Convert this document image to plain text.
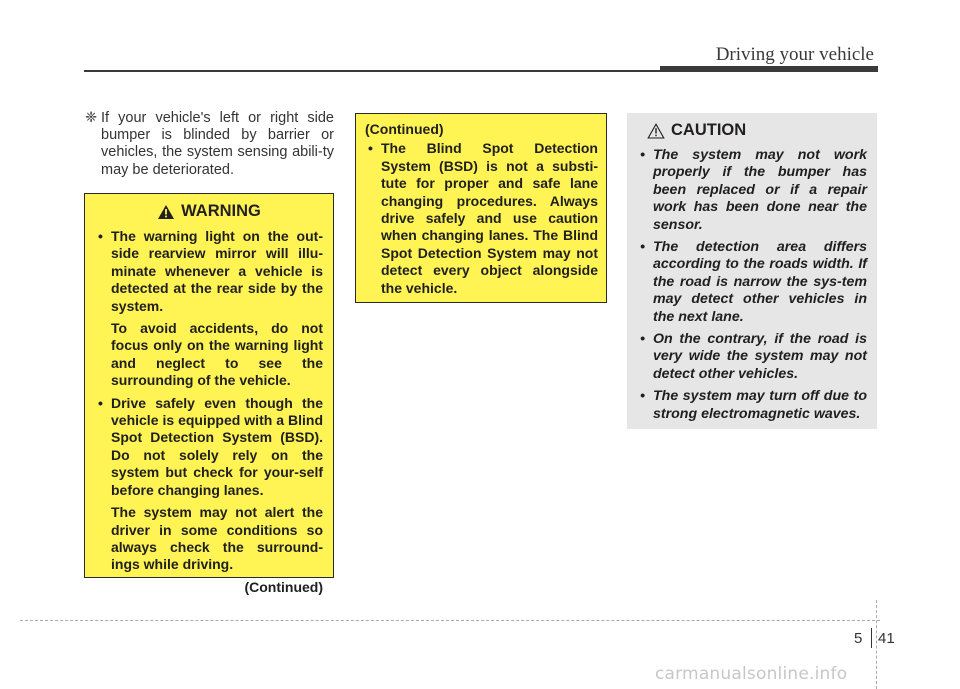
Driving your vehicle
❈ If your vehicle's left or right side bumper is blinded by barrier or vehicles, the system sensing abili-ty may be deteriorated.
WARNING
• The warning light on the out-side rearview mirror will illu-minate whenever a vehicle is detected at the rear side by the system.
To avoid accidents, do not focus only on the warning light and neglect to see the surrounding of the vehicle.
• Drive safely even though the vehicle is equipped with a Blind Spot Detection System (BSD). Do not solely rely on the system but check for your-self before changing lanes.
The system may not alert the driver in some conditions so always check the surround-ings while driving.
(Continued)
(Continued)
• The Blind Spot Detection System (BSD) is not a substi-tute for proper and safe lane changing procedures. Always drive safely and use caution when changing lanes. The Blind Spot Detection System may not detect every object alongside the vehicle.
CAUTION
• The system may not work properly if the bumper has been replaced or if a repair work has been done near the sensor.
• The detection area differs according to the roads width. If the road is narrow the sys-tem may detect other vehicles in the next lane.
• On the contrary, if the road is very wide the system may not detect other vehicles.
• The system may turn off due to strong electromagnetic waves.
5 41
carmanualsonline.info
